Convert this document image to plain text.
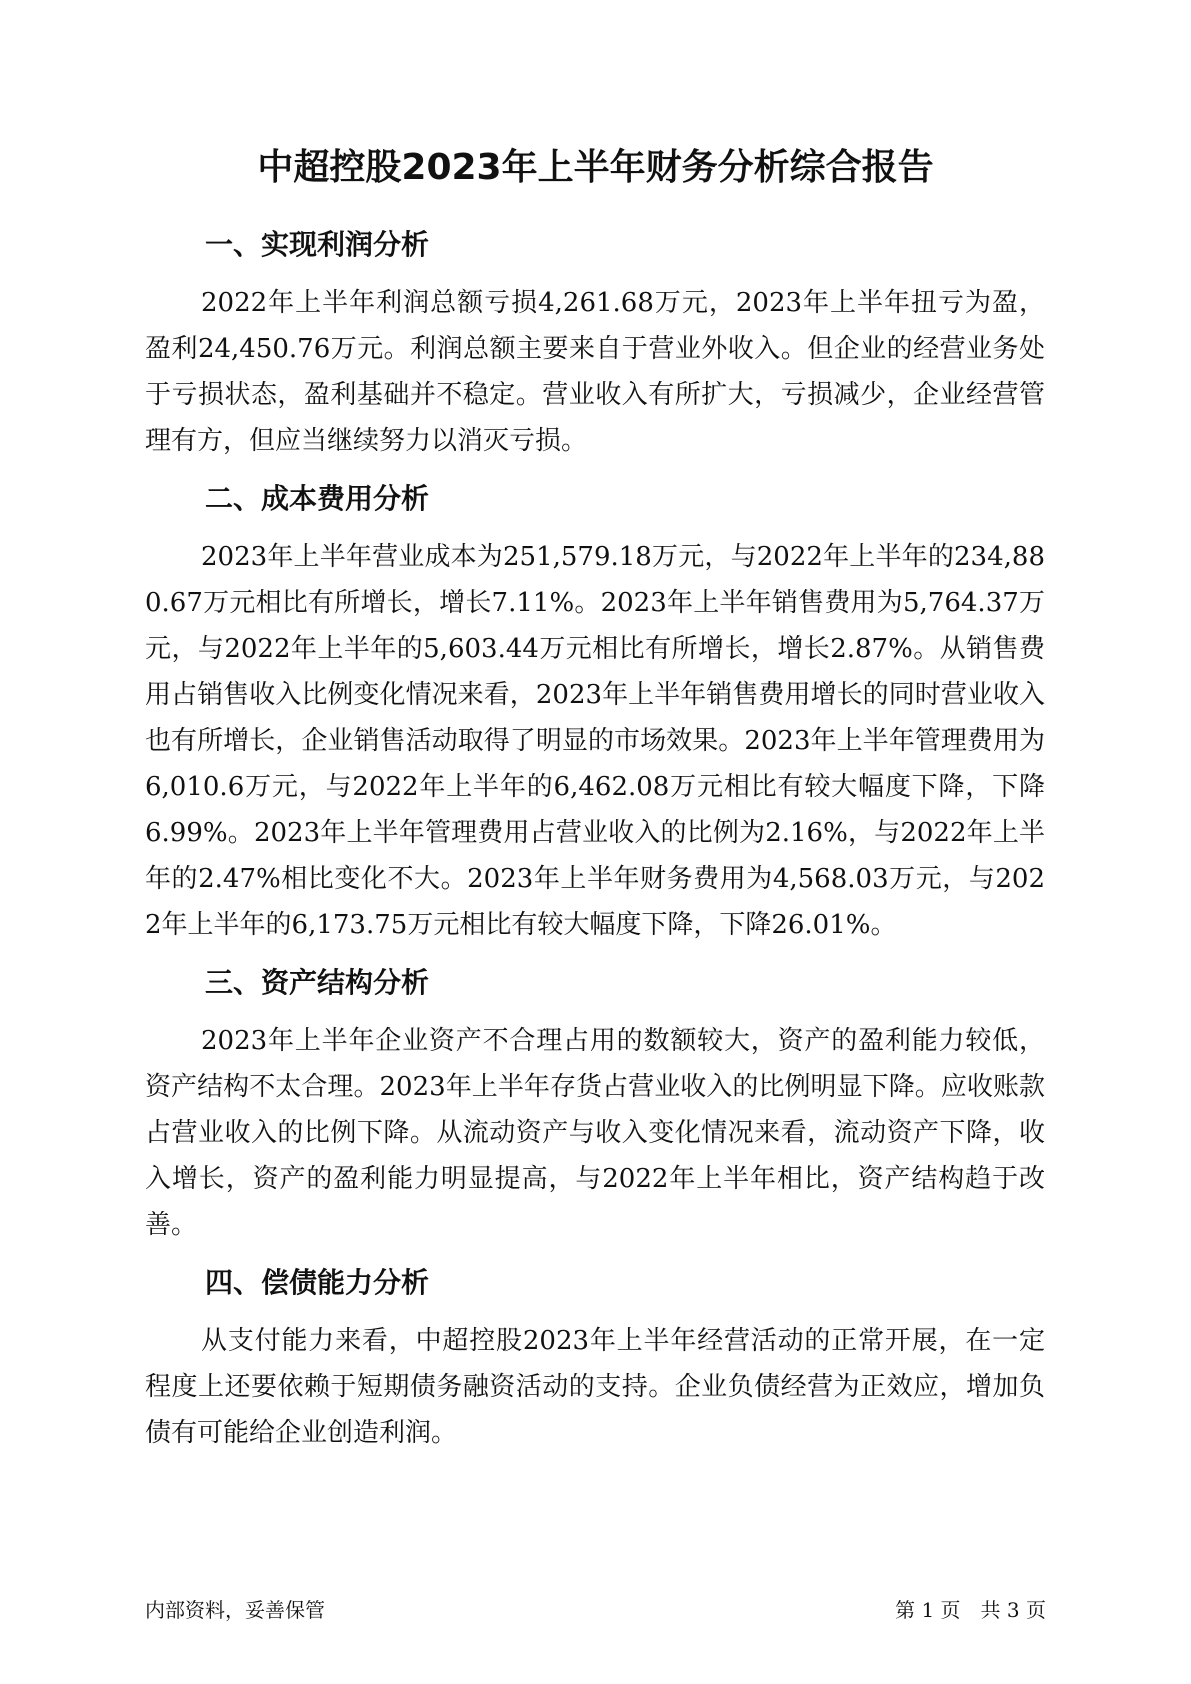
中超控股2023年上半年财务分析综合报告
一、实现利润分析

2022年上半年利润总额亏损4,261.68万元，2023年上半年扭亏为盈，盈利24,450.76万元。利润总额主要来自于营业外收入。但企业的经营业务处于亏损状态，盈利基础并不稳定。营业收入有所扩大，亏损减少，企业经营管理有方，但应当继续努力以消灭亏损。

二、成本费用分析

2023年上半年营业成本为251,579.18万元，与2022年上半年的234,880.67万元相比有所增长，增长7.11%。2023年上半年销售费用为5,764.37万元，与2022年上半年的5,603.44万元相比有所增长，增长2.87%。从销售费用占销售收入比例变化情况来看，2023年上半年销售费用增长的同时营业收入也有所增长，企业销售活动取得了明显的市场效果。2023年上半年管理费用为6,010.6万元，与2022年上半年的6,462.08万元相比有较大幅度下降，下降6.99%。2023年上半年管理费用占营业收入的比例为2.16%，与2022年上半年的2.47%相比变化不大。2023年上半年财务费用为4,568.03万元，与2022年上半年的6,173.75万元相比有较大幅度下降，下降26.01%。

三、资产结构分析

2023年上半年企业资产不合理占用的数额较大，资产的盈利能力较低，资产结构不太合理。2023年上半年存货占营业收入的比例明显下降。应收账款占营业收入的比例下降。从流动资产与收入变化情况来看，流动资产下降，收入增长，资产的盈利能力明显提高，与2022年上半年相比，资产结构趋于改善。

四、偿债能力分析

从支付能力来看，中超控股2023年上半年经营活动的正常开展，在一定程度上还要依赖于短期债务融资活动的支持。企业负债经营为正效应，增加负债有可能给企业创造利润。

内部资料，妥善保管	第 1 页　共 3 页
